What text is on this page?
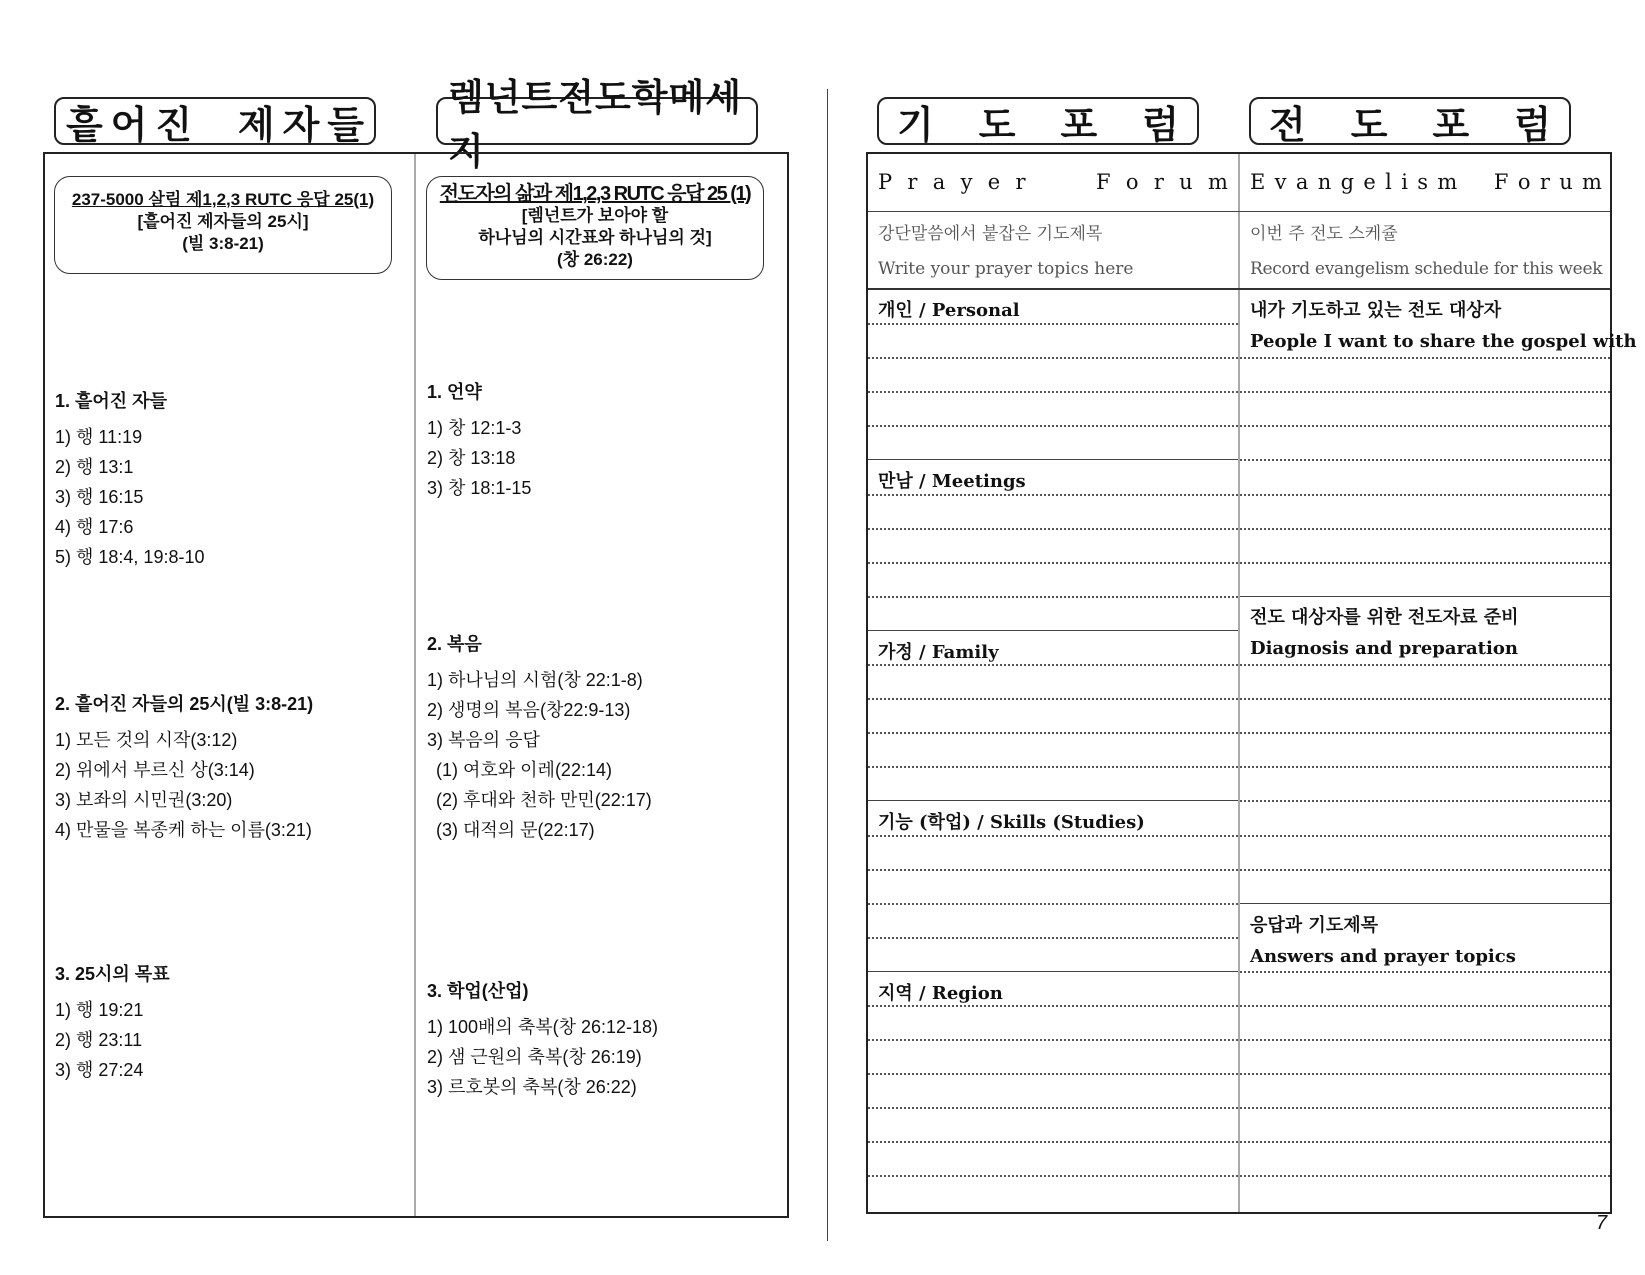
흩 어 진 제 자 들
렘넌트전도학메세지
237-5000 살림 제1,2,3 RUTC 응답 25(1)
[흩어진 제자들의 25시]
(빌 3:8-21)
전도자의 삶과 제1,2,3 RUTC 응답 25 (1)
[렘넌트가 보아야 할
하나님의 시간표와 하나님의 것]
(창 26:22)
1. 흩어진 자들
1) 행 11:19
2) 행 13:1
3) 행 16:15
4) 행 17:6
5) 행 18:4, 19:8-10
2. 흩어진 자들의 25시(빌 3:8-21)
1) 모든 것의 시작(3:12)
2) 위에서 부르신 상(3:14)
3) 보좌의 시민권(3:20)
4) 만물을 복종케 하는 이름(3:21)
3. 25시의 목표
1) 행 19:21
2) 행 23:11
3) 행 27:24
1. 언약
1) 창 12:1-3
2) 창 13:18
3) 창 18:1-15
2. 복음
1) 하나님의 시험(창 22:1-8)
2) 생명의 복음(창22:9-13)
3) 복음의 응답
(1) 여호와 이레(22:14)
(2) 후대와 천하 만민(22:17)
(3) 대적의 문(22:17)
3. 학업(산업)
1) 100배의 축복(창 26:12-18)
2) 샘 근원의 축복(창 26:19)
3) 르호봇의 축복(창 26:22)
기 도 포 럼 전 도 포 럼
P r a y e r	F o r u m E v a n g e l i s m F o r u m
강단말씀에서 붙잡은 기도제목
Write your prayer topics here
이번 주 전도 스케쥴
Record evangelism schedule for this week
개인 / Personal
만남 / Meetings
가정 / Family
기능 (학업) / Skills (Studies)
지역 / Region
내가 기도하고 있는 전도 대상자
People I want to share the gospel with
전도 대상자를 위한 전도자료 준비
Diagnosis and preparation
응답과 기도제목
Answers and prayer topics
7
